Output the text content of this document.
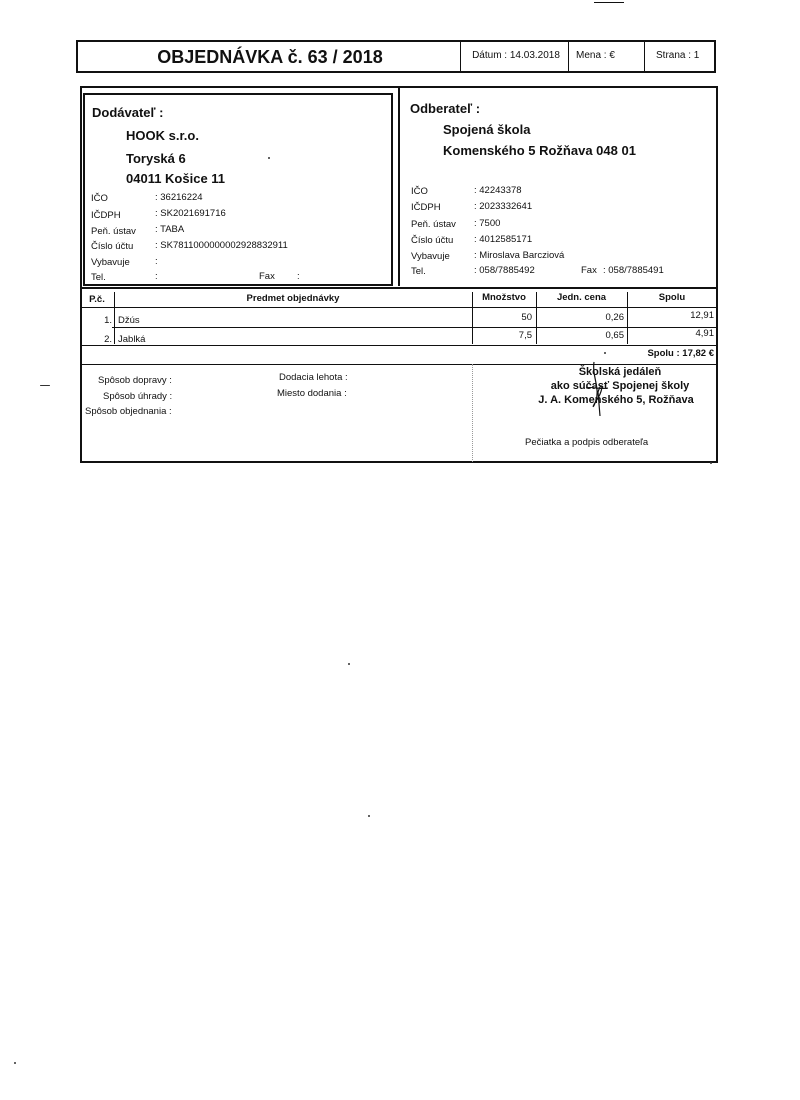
OBJEDNÁVKA č. 63 / 2018	Dátum : 14.03.2018	Mena : €	Strana : 1
Dodávateľ :
HOOK s.r.o.
Toryská 6
04011 Košice 11
IČO	: 36216224
IČDPH	: SK2021691716
Peň. ústav : TABA
Číslo účtu : SK7811000000002928832911
Vybavuje	:
Tel.	:	Fax :
Odberateľ :
Spojená škola
Komenského 5 Rožňava 048 01
IČO	: 42243378
IČDPH	: 2023332641
Peň. ústav : 7500
Číslo účtu : 4012585171
Vybavuje	: Miroslava Barcziová
Tel.	: 058/7885492	Fax : 058/7885491
P.č.	Predmet objednávky	Množstvo	Jedn. cena	Spolu
1. Džús	50	0,26	12,91
2. Jablká	7,5	0,65	4,91
Spolu : 17,82 €
Spôsob dopravy :
Spôsob úhrady :
Spôsob objednania :
Dodacia lehota :
Miesto dodania :
Školská jedáleň
ako súčasť Spojenej školy
J. A. Komenského 5, Rožňava
Pečiatka a podpis odberateľa
